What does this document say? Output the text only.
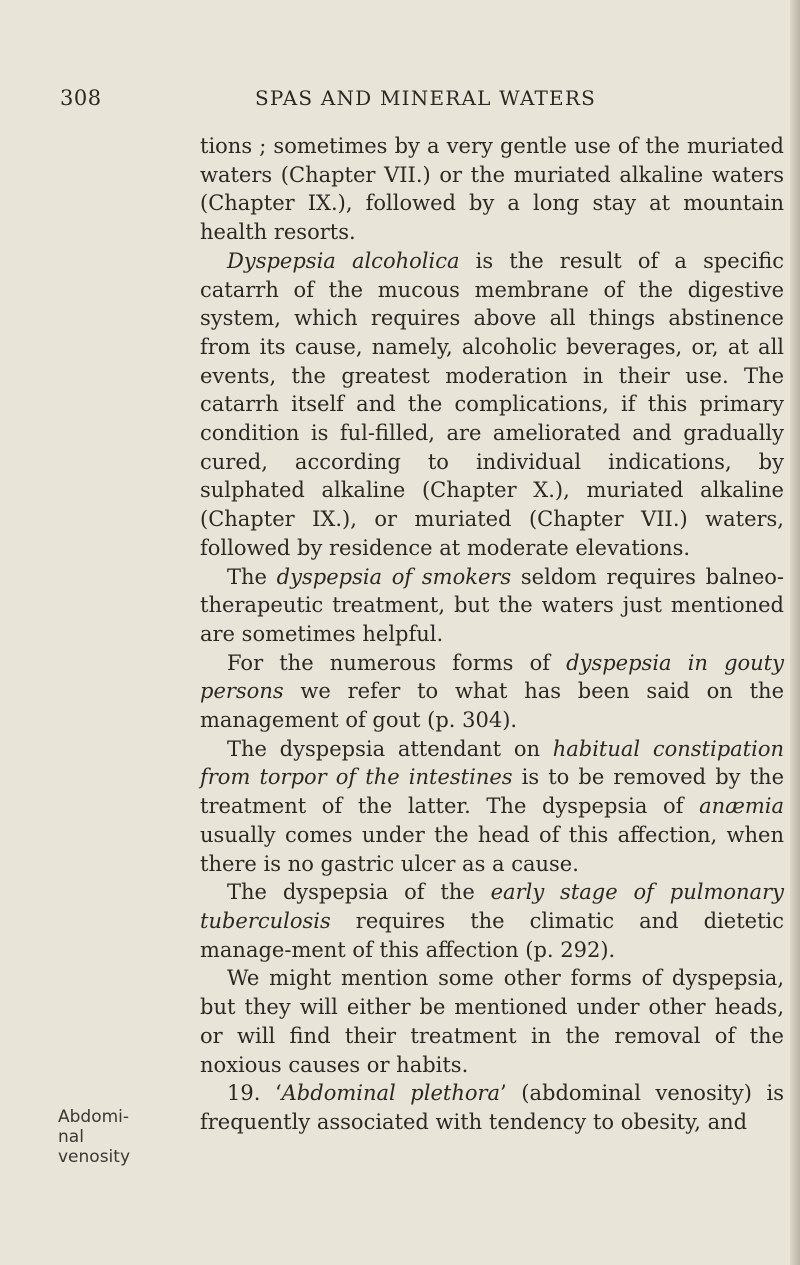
308	SPAS AND MINERAL WATERS

tions ; sometimes by a very gentle use of the muriated waters (Chapter VII.) or the muriated alkaline waters (Chapter IX.), followed by a long stay at mountain health resorts.

Dyspepsia alcoholica is the result of a specific catarrh of the mucous membrane of the digestive system, which requires above all things abstinence from its cause, namely, alcoholic beverages, or, at all events, the greatest moderation in their use. The catarrh itself and the complications, if this primary condition is ful-filled, are ameliorated and gradually cured, according to individual indications, by sulphated alkaline (Chapter X.), muriated alkaline (Chapter IX.), or muriated (Chapter VII.) waters, followed by residence at moderate elevations.

The dyspepsia of smokers seldom requires balneo-therapeutic treatment, but the waters just mentioned are sometimes helpful.

For the numerous forms of dyspepsia in gouty persons we refer to what has been said on the management of gout (p. 304).

The dyspepsia attendant on habitual constipation from torpor of the intestines is to be removed by the treatment of the latter. The dyspepsia of anæmia usually comes under the head of this affection, when there is no gastric ulcer as a cause.

The dyspepsia of the early stage of pulmonary tuberculosis requires the climatic and dietetic manage-ment of this affection (p. 292).

We might mention some other forms of dyspepsia, but they will either be mentioned under other heads, or will find their treatment in the removal of the noxious causes or habits.

19. ‘Abdominal plethora’ (abdominal venosity) is frequently associated with tendency to obesity, and

Abdomi-
nal
venosity
